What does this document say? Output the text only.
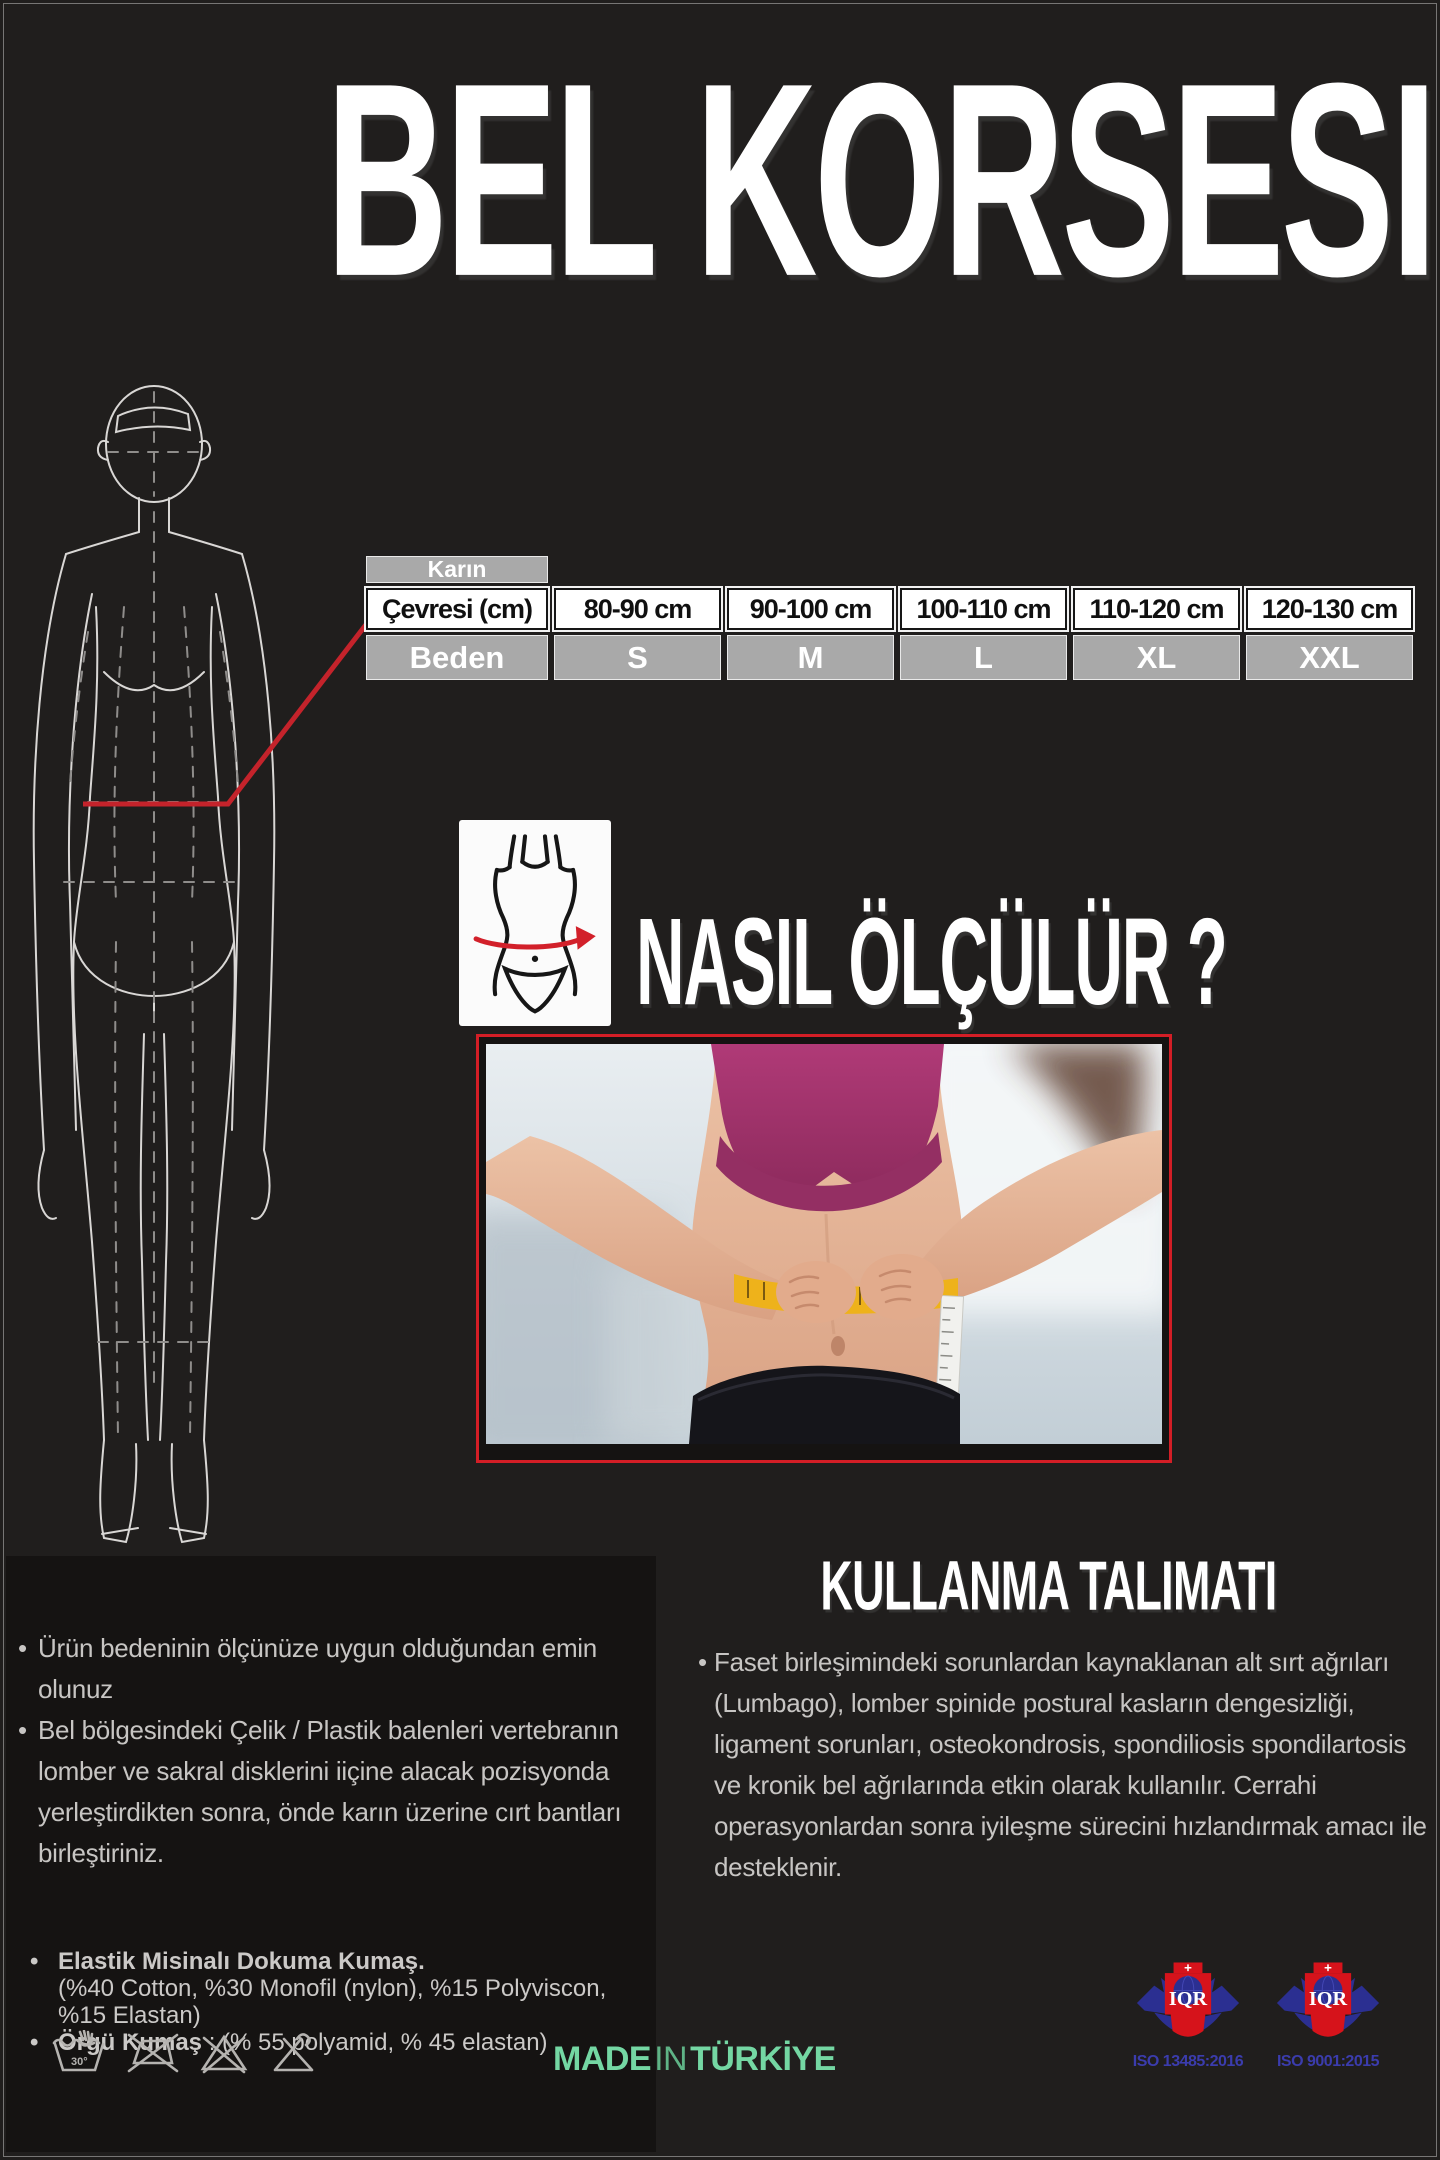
BEL KORSESI
Karın
Çevresi (cm)	80-90 cm	90-100 cm	100-110 cm	110-120 cm	120-130 cm
Beden	S	M	L	XL	XXL
NASIL ÖLÇÜLÜR ?
• Ürün bedeninin ölçünüze uygun olduğundan emin olunuz
• Bel bölgesindeki Çelik / Plastik balenleri vertebranın lomber ve sakral disklerini iiçine alacak pozisyonda yerleştirdikten sonra, önde karın üzerine cırt bantları birleştiriniz.
KULLANMA TALIMATI
• Faset birleşimindeki sorunlardan kaynaklanan alt sırt ağrıları (Lumbago), lomber spinide postural kasların dengesizliği, ligament sorunları, osteokondrosis, spondiliosis spondilartosis ve kronik bel ağrılarında etkin olarak kullanılır. Cerrahi operasyonlardan sonra iyileşme sürecini hızlandırmak amacı ile desteklenir.
• Elastik Misinalı Dokuma Kumaş.
(%40 Cotton, %30 Monofil (nylon), %15 Polyviscon, %15 Elastan)
• Örgü Kumaş : (% 55 polyamid, % 45 elastan)
30°	MADEINTÜRKİYE
IQR
ISO 13485:2016
IQR
ISO 9001:2015
